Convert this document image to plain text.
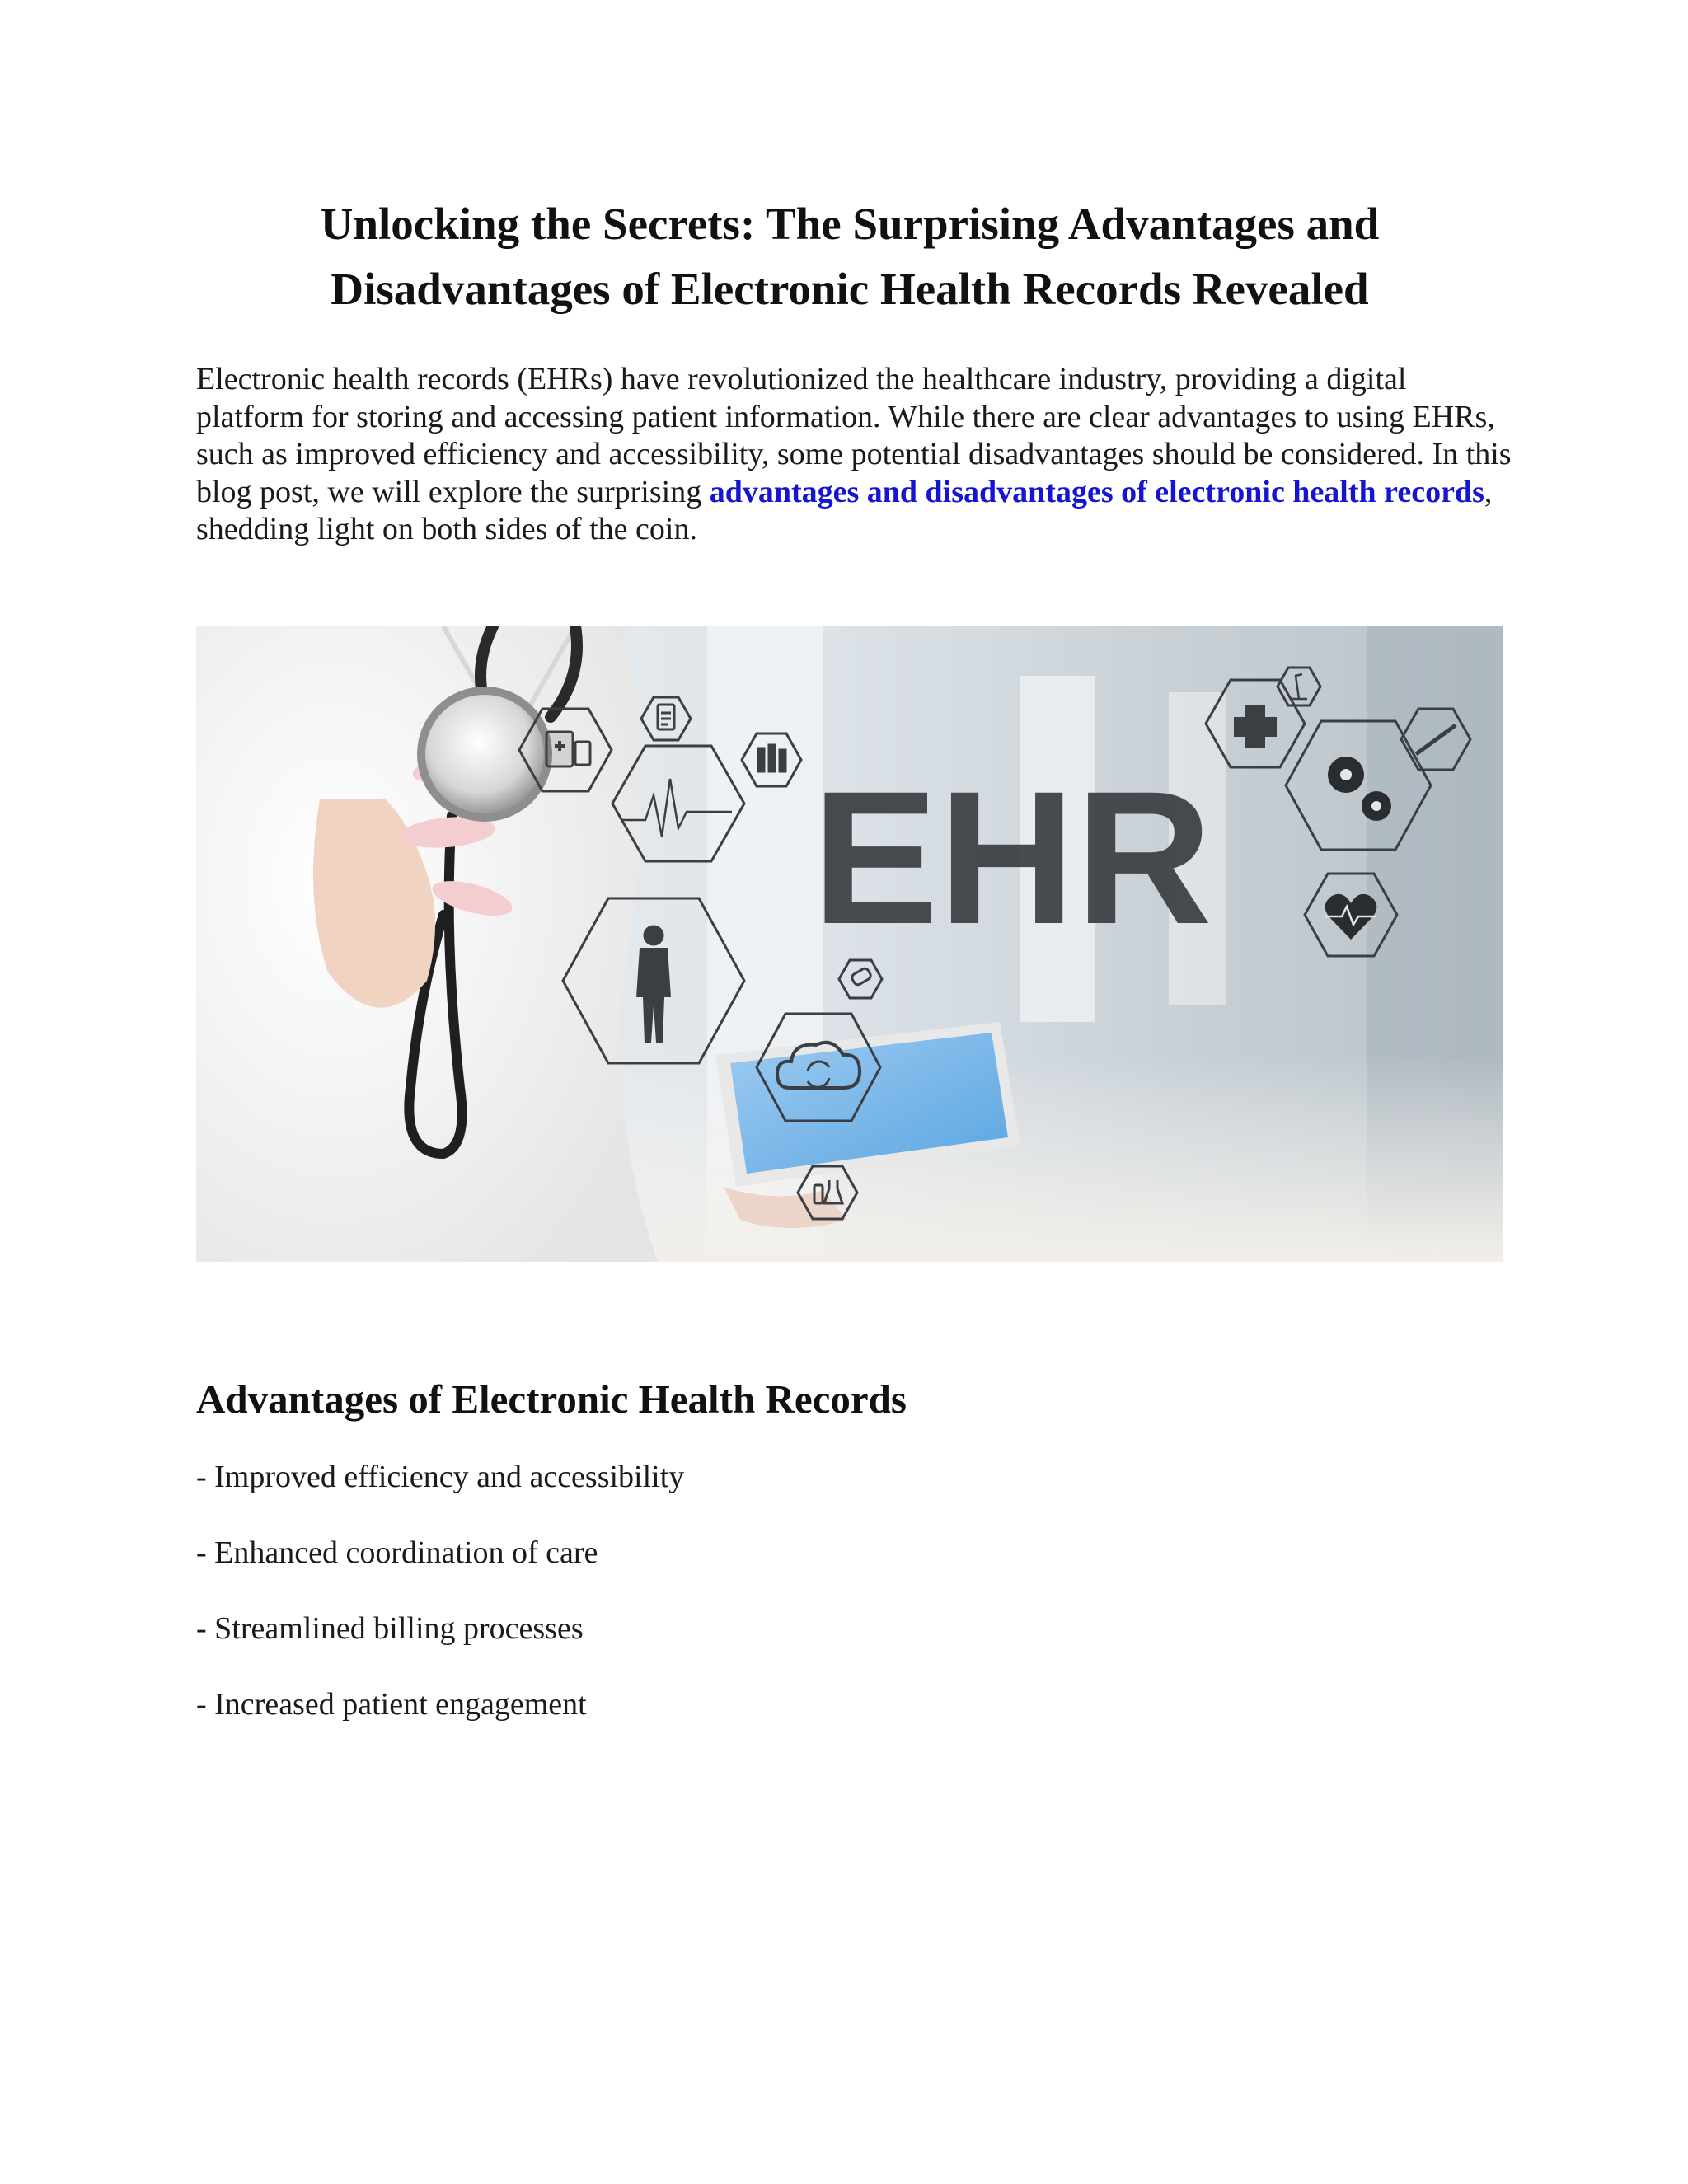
Unlocking the Secrets: The Surprising Advantages and Disadvantages of Electronic Health Records Revealed

Electronic health records (EHRs) have revolutionized the healthcare industry, providing a digital platform for storing and accessing patient information. While there are clear advantages to using EHRs, such as improved efficiency and accessibility, some potential disadvantages should be considered. In this blog post, we will explore the surprising advantages and disadvantages of electronic health records, shedding light on both sides of the coin.

EHR
Advantages of Electronic Health Records
- Improved efficiency and accessibility
- Enhanced coordination of care
- Streamlined billing processes
- Increased patient engagement
